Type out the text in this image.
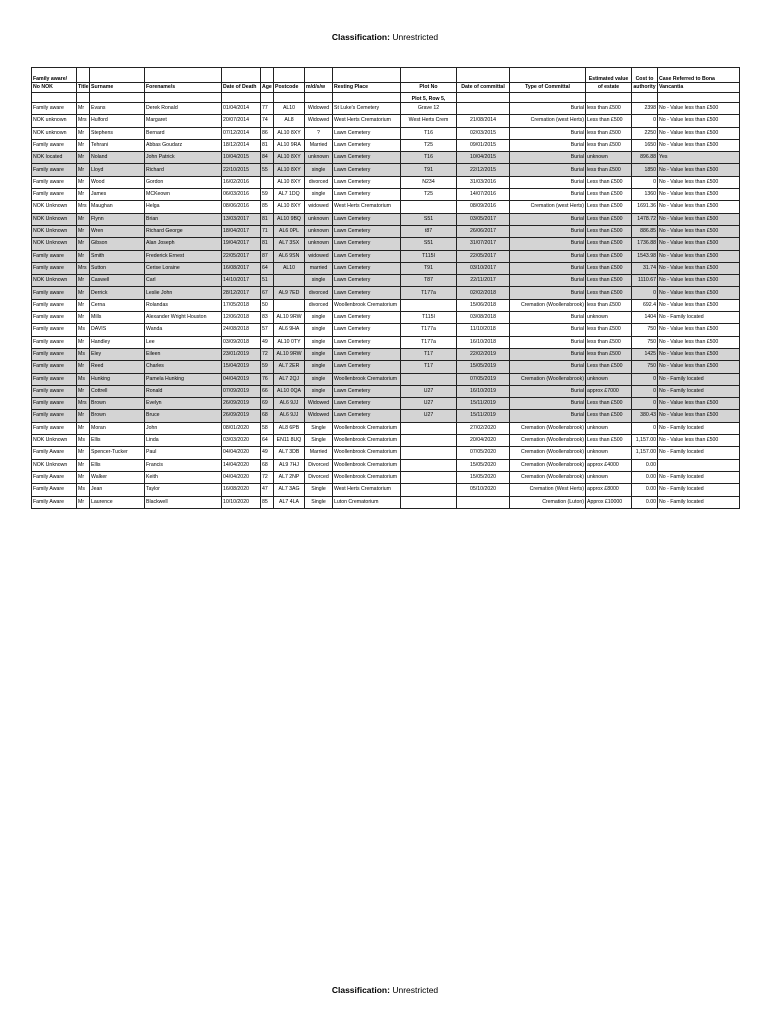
Classification: Unrestricted
Family aware/												Estimated value	Cost to	Case Referred to Bona
No NOK	Title	Surname	Forename/s	Date of Death	Age	Postcode	m/d/s/w	Resting Place	Plot No	Date of committal	Type of Committal	of estate	authority	Vancantia
									Plot 5, Row 5,					
Family aware	Mr	Evans	Derek Ronald	01/04/2014	77	AL10	Widowed	St Luke's Cemetery	Grave 12		Burial	less than £500	2398	No - Value less than £500
NOK unknown	Mrs	Hulford	Margaret	20/07/2014	74	AL8	Widowed	West Herts Crematorium	West Herts Crem	21/08/2014	Cremation (west Herts)	Less than £500	0	No - Value less than £500
NOK unknown	Mr	Stephens	Bernard	07/12/2014	86	AL10 8XY	?	Lawn Cemetery	T16	02/03/2015	Burial	less than £500	2250	No - Value less than £500
Family aware	Mr	Tehrani	Abbas Goudarz	18/12/2014	81	AL10 9RA	Married	Lawn Cemetery	T25	09/01/2015	Burial	less than £500	1650	No - Value less than £500
NOK located	Mr	Noland	John Patrick	10/04/2015	84	AL10 8XY	unknown	Lawn Cemetery	T16	10/04/2015	Burial	unknown	896.88	Yes
Family aware	Mr	Lloyd	Richard	22/10/2015	55	AL10 8XY	single	Lawn Cemetery	T91	22/12/2015	Burial	less than £500	1850	No - Value less than £500
Family aware	Mr	Wood	Gordon	16/02/2016		AL10 8XY	divorced	Lawn Cemetery	N234	31/03/2016	Burial	Less than £500	0	No - Value less than £500
Family aware	Mr	James	MCKeown	06/03/2016	59	AL7 1DQ	single	Lawn Cemetery	T25	14/07/2016	Burial	Less than £500	1360	No - Value less than £500
NOK Unknown	Mrs	Maughan	Helga	08/06/2016	85	AL10 8XY	widowed	West Herts Crematorium		08/09/2016	Cremation (west Herts)	Less than £500	1691.36	No - Value less than £500
NOK Unknown	Mr	Flynn	Brian	13/03/2017	81	AL10 9BQ	unknown	Lawn Cemetery	S51	03/05/2017	Burial	Less than £500	1478.72	No - Value less than £500
NOK Unknown	Mr	Wren	Richard George	18/04/2017	71	AL6 0PL	unknown	Lawn Cemetery	t87	26/06/2017	Burial	Less than £500	886.85	No - Value less than £500
NOK Unknown	Mr	Gibson	Alan Joseph	19/04/2017	81	AL7 3SX	unknown	Lawn Cemetery	S51	31/07/2017	Burial	Less than £500	1736.88	No - Value less than £500
Family aware	Mr	Smith	Frederick Ernest	22/05/2017	87	AL6 9SN	widowed	Lawn Cemetery	T115I	22/05/2017	Burial	Less than £500	1543.98	No - Value less than £500
Family aware	Mrs	Sutton	Cerise Loraine	16/08/2017	64	AL10	married	Lawn Cemetery	T91	03/10/2017	Burial	Less than £500	31.74	No - Value less than £500
NOK Unknown	Mr	Caswell	Carl	14/10/2017	51		single	Lawn Cemetery	T87	22/11/2017	Burial	Less than £500	1110.67	No - Value less than £500
Family aware	Mr	Derrick	Leslie John	28/12/2017	67	AL9 7ED	divorced	Lawn Cemetery	T177a	02/02/2018	Burial	Less than £500	0	No - Value less than £500
Family aware	Mr	Cerna	Rolandas	17/05/2018	50		divorced	Woollenbrook Crematorium		15/06/2018	Cremation (Woollensbrook)	less than £500	692.4	No - Value less than £500
Family aware	Mr	Mills	Alexander Wright Houston	12/06/2018	83	AL10 9RW	single	Lawn Cemetery	T115I	03/08/2018	Burial	unknown	1404	No - Family located
Family aware	Ms	DAVIS	Wanda	24/08/2018	57	AL6 9HA	single	Lawn Cemetery	T177a	11/10/2018	Burial	less than £500	750	No - Value less than £500
Family aware	Mr	Handley	Lee	03/09/2018	49	AL10 0TY	single	Lawn Cemetery	T177a	16/10/2018	Burial	less than £500	750	No - Value less than £500
Family aware	Ms	Eley	Eileen	23/01/2019	72	AL10 9RW	single	Lawn Cemetery	T17	22/02/2019	Burial	less than £500	1425	No - Value less than £500
Family aware	Mr	Reed	Charles	15/04/2019	59	AL7 2ER	single	Lawn Cemetery	T17	15/05/2019	Burial	Less than £500	750	No - Value less than £500
Family aware	Ms	Hunking	Pamela Hunking	04/04/2019	76	AL7 2QJ	single	Woollenbrook Crematorium		07/05/2019	Cremation (Woollensbrook)	unknown	0	No - Family located
Family aware	Mr	Cottrell	Ronald	07/09/2019	66	AL10 0QA	single	Lawn Cemetery	U27	16/10/2019	Burial	approx £7000	0	No - Family located
Family aware	Mrs	Brown	Evelyn	26/09/2019	69	AL6 9JJ	Widowed	Lawn Cemetery	U27	15/11/2019	Burial	Less than £500	0	No - Value less than £500
Family aware	Mr	Brown	Bruce	26/09/2019	68	AL6 9JJ	Widowed	Lawn Cemetery	U27	15/11/2019	Burial	Less than £500	380.43	No - Value less than £500
Family aware	Mr	Moran	John	08/01/2020	58	AL8 6PB	Single	Woollenbrook Crematorium		27/02/2020	Cremation (Woollensbrook)	unknown	0	No - Family located
NOK Unknown	Ms	Ellis	Linda	03/03/2020	64	EN11 8UQ	Single	Woollenbrook Crematorium		20/04/2020	Cremation (Woollensbrook)	Less than £500	1,157.00	No - Value less than £500
Family Aware	Mr	Spencer-Tucker	Paul	04/04/2020	49	AL7 3DB	Married	Woollenbrook Crematorium		07/05/2020	Cremation (Woollensbrook)	unknown	1,157.00	No - Family located
NOK Unknown	Mr	Ellis	Francis	14/04/2020	68	AL9 7HJ	Divorced	Woollenbrook Crematorium		15/05/2020	Cremation (Woollensbrook)	approx £4000	0.00	
Family Aware	Mr	Walker	Keith	04/04/2020	72	AL7 2NP	Divorced	Woollenbrook Crematorium		15/05/2020	Cremation (Woollensbrook)	unknown	0.00	No - Family located
Family Aware	Ms	Jean	Taylor	16/08/2020	47	AL7 3AG	Single	West Herts Crematorium		05/10/2020	Cremation (West Herts)	approx £8000	0.00	No - Family located
Family Aware	Mr	Laurence	Blackwell	10/10/2020	85	AL7 4LA	Single	Luton Crematorium			Cremation (Luton)	Approx £10000	0.00	No - Family located
Classification: Unrestricted
